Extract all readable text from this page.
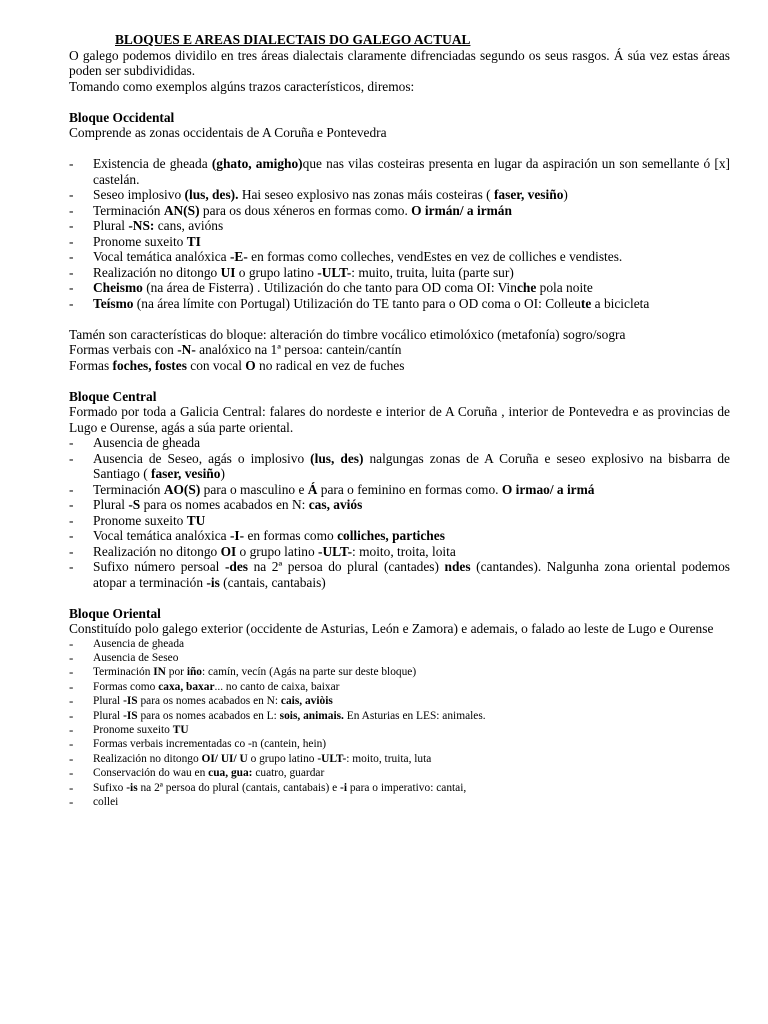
BLOQUES E AREAS DIALECTAIS DO GALEGO ACTUAL
O galego podemos dividilo en tres áreas dialectais claramente difrenciadas segundo os seus rasgos. Á súa vez estas áreas poden ser subdivididas.
Tomando como exemplos algúns trazos característicos, diremos:
Bloque Occidental
Comprende as zonas occidentais de A Coruña e Pontevedra
- Existencia de gheada (ghato, amigho)que nas vilas costeiras presenta en lugar da aspiración un son semellante ó [x] castelán.
- Seseo implosivo (lus, des). Hai seseo explosivo nas zonas máis costeiras ( faser, vesiño)
- Terminación AN(S) para os dous xéneros en formas como. O irmán/ a irmán
- Plural -NS: cans, avións
- Pronome suxeito TI
- Vocal temática analóxica -E- en formas como colleches, vendEstes en vez de colliches e vendistes.
- Realización no ditongo UI o grupo latino -ULT-: muito, truita, luita (parte sur)
- Cheismo (na área de Fisterra) . Utilización do che tanto para OD coma OI: Vinche pola noite
- Teísmo (na área límite con Portugal) Utilización do TE tanto para o OD coma o OI: Colleute a bicicleta
Tamén son características do bloque: alteración do timbre vocálico etimolóxico (metafonía) sogro/sogra
Formas verbais con -N- analóxico na 1ª persoa: cantein/cantín
Formas foches, fostes con vocal O no radical en vez de fuches
Bloque Central
Formado por toda a Galicia Central: falares do nordeste e interior de A Coruña , interior de Pontevedra e as provincias de Lugo e Ourense, agás a súa parte oriental.
- Ausencia de gheada
- Ausencia de Seseo, agás o implosivo (lus, des) nalgungas zonas de A Coruña e seseo explosivo na bisbarra de Santiago ( faser, vesiño)
- Terminación AO(S) para o masculino e Á para o feminino en formas como. O irmao/ a irmá
- Plural -S para os nomes acabados en N: cas, aviós
- Pronome suxeito TU
- Vocal temática analóxica -I- en formas como colliches, partiches
- Realización no ditongo OI o grupo latino -ULT-: moito, troita, loita
- Sufixo número persoal -des na 2ª persoa do plural (cantades) ndes (cantandes). Nalgunha zona oriental podemos atopar a terminación -is (cantais, cantabais)
Bloque Oriental
Constituído polo galego exterior (occidente de Asturias, León e Zamora) e ademais, o falado ao leste de Lugo e Ourense
- Ausencia de gheada
- Ausencia de Seseo
- Terminación IN por iño: camín, vecín (Agás na parte sur deste bloque)
- Formas como caxa, baxar... no canto de caixa, baixar
- Plural -IS para os nomes acabados en N: cais, aviòis
- Plural -IS para os nomes acabados en L: sois, animais. En Asturias en LES: animales.
- Pronome suxeito TU
- Formas verbais incrementadas co -n (cantein, hein)
- Realización no ditongo OI/ UI/ U o grupo latino -ULT-: moito, truita, luta
- Conservación do wau en cua, gua: cuatro, guardar
- Sufixo -is na 2ª persoa do plural (cantais, cantabais) e -i para o imperativo: cantai,
- collei
